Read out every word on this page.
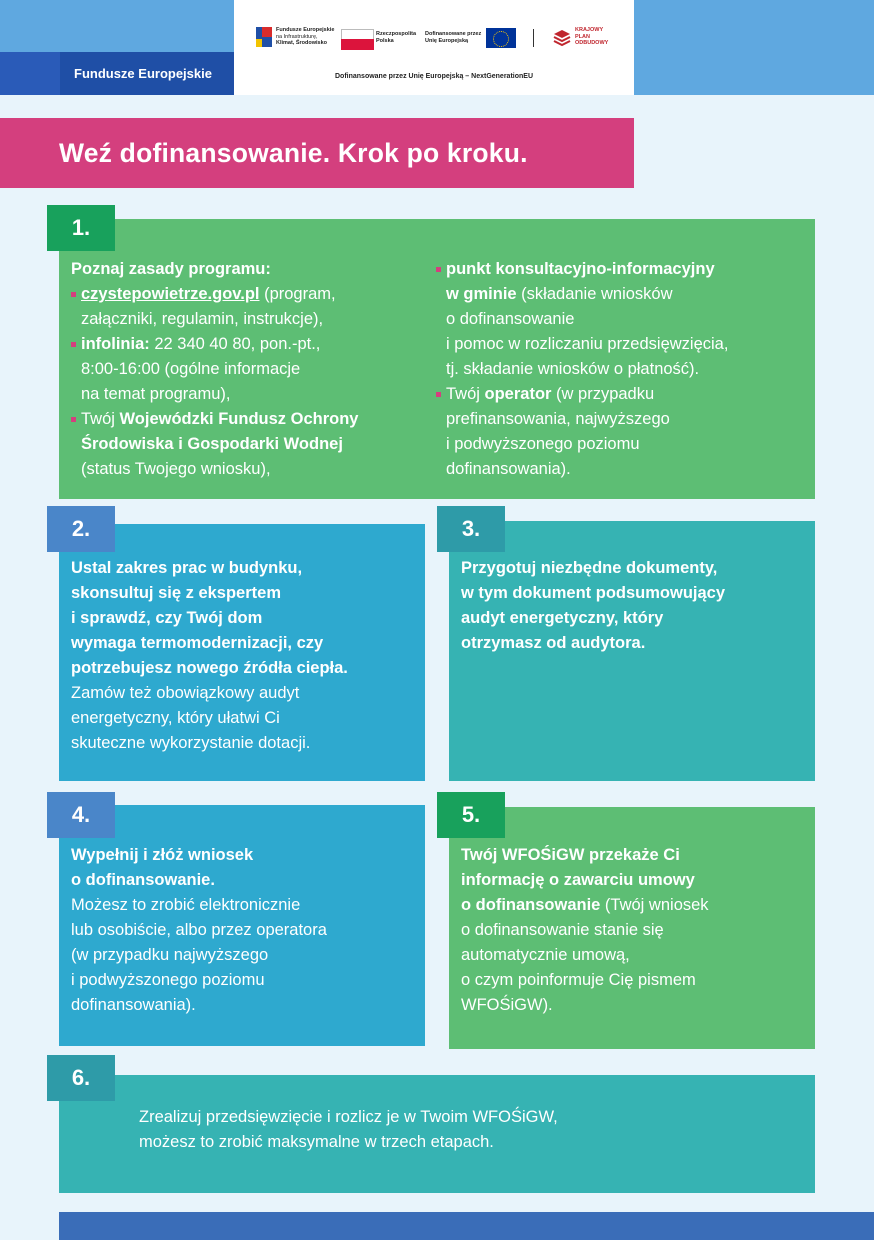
Fundusze Europejskie
Fundusze Europejskie
na Infrastrukturę,
Klimat, Środowisko
Rzeczpospolita
Polska
Dofinansowane przez
Unię Europejską
KRAJOWY
PLAN
ODBUDOWY
Dofinansowane przez Unię Europejską – NextGenerationEU
Weź dofinansowanie. Krok po kroku.
1.
Poznaj zasady programu:
czystepowietrze.gov.pl (program,
załączniki, regulamin, instrukcje),
infolinia: 22 340 40 80, pon.-pt.,
8:00-16:00 (ogólne informacje
na temat programu),
Twój Wojewódzki Fundusz Ochrony
Środowiska i Gospodarki Wodnej
(status Twojego wniosku),
punkt konsultacyjno-informacyjny
w gminie (składanie wniosków
o dofinansowanie
i pomoc w rozliczaniu przedsięwzięcia,
tj. składanie wniosków o płatność).
Twój operator (w przypadku
prefinansowania, najwyższego
i podwyższonego poziomu
dofinansowania).
2.
Ustal zakres prac w budynku,
skonsultuj się z ekspertem
i sprawdź, czy Twój dom
wymaga termomodernizacji, czy
potrzebujesz nowego źródła ciepła.
Zamów też obowiązkowy audyt
energetyczny, który ułatwi Ci
skuteczne wykorzystanie dotacji.
3.
Przygotuj niezbędne dokumenty,
w tym dokument podsumowujący
audyt energetyczny, który
otrzymasz od audytora.
4.
Wypełnij i złóż wniosek
o dofinansowanie.
Możesz to zrobić elektronicznie
lub osobiście, albo przez operatora
(w przypadku najwyższego
i podwyższonego poziomu
dofinansowania).
5.
Twój WFOŚiGW przekaże Ci
informację o zawarciu umowy
o dofinansowanie (Twój wniosek
o dofinansowanie stanie się
automatycznie umową,
o czym poinformuje Cię pismem
WFOŚiGW).
6.
Zrealizuj przedsięwzięcie i rozlicz je w Twoim WFOŚiGW,
możesz to zrobić maksymalne w trzech etapach.
